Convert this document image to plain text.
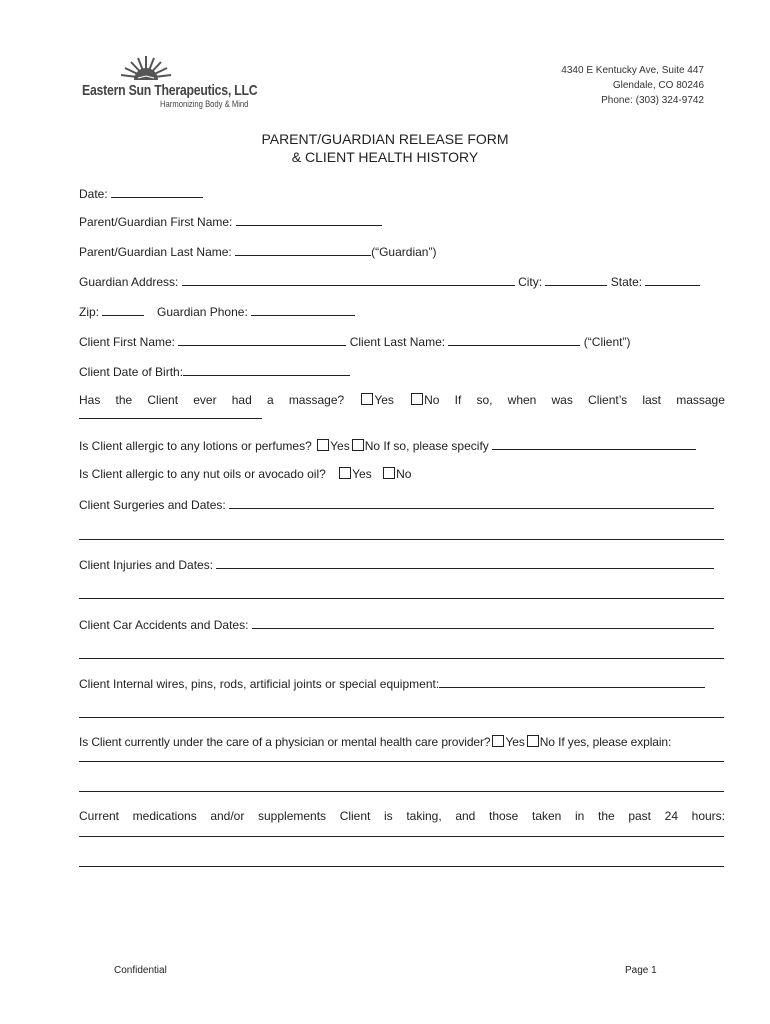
Eastern Sun Therapeutics, LLC
Harmonizing Body & Mind
4340 E Kentucky Ave, Suite 447
Glendale, CO 80246
Phone: (303) 324-9742
PARENT/GUARDIAN RELEASE FORM
& CLIENT HEALTH HISTORY
Date:
Parent/Guardian First Name:
Parent/Guardian Last Name:	(“Guardian”)
Guardian Address:	City:	State:
Zip:	Guardian Phone:
Client First Name:	Client Last Name:	(“Client”)
Client Date of Birth:
Has the Client ever had a massage?	Yes	No If so, when was Client’s last massage
Is Client allergic to any lotions or perfumes? Yes No If so, please specify
Is Client allergic to any nut oils or avocado oil? Yes No
Client Surgeries and Dates:
Client Injuries and Dates:
Client Car Accidents and Dates:
Client Internal wires, pins, rods, artificial joints or special equipment:
Is Client currently under the care of a physician or mental health care provider? Yes No If yes, please explain:
Current medications and/or supplements Client is taking, and those taken in the past 24 hours:
Confidential	Page 1
